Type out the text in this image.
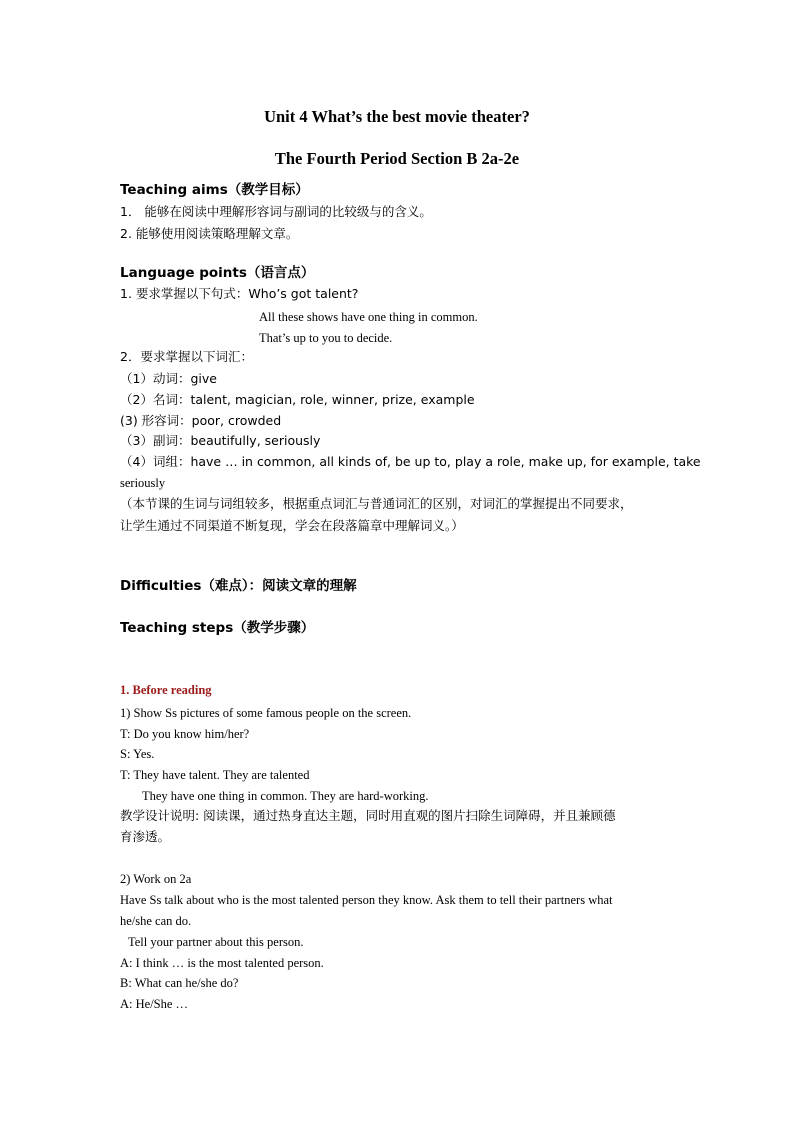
Unit 4 What’s the best movie theater?
The Fourth Period Section B 2a-2e
Teaching aims（教学目标）
1． 能够在阅读中理解形容词与副词的比较级与的含义。
2. 能够使用阅读策略理解文章。
Language points（语言点）
1. 要求掌握以下句式：Who’s got talent?
All these shows have one thing in common.
That’s up to you to decide.
2．要求掌握以下词汇：
（1）动词：give
（2）名词：talent, magician, role, winner, prize, example
(3) 形容词：poor, crowded
（3）副词：beautifully, seriously
（4）词组：have … in common, all kinds of, be up to, play a role, make up, for example, take
seriously
（本节课的生词与词组较多，根据重点词汇与普通词汇的区别，对词汇的掌握提出不同要求，
让学生通过不同渠道不断复现，学会在段落篇章中理解词义。）
Difficulties（难点）：阅读文章的理解
Teaching steps（教学步骤）
1. Before reading
1) Show Ss pictures of some famous people on the screen.
T: Do you know him/her?
S: Yes.
T: They have talent. They are talented
They have one thing in common. They are hard-working.
教学设计说明: 阅读课，通过热身直达主题，同时用直观的图片扫除生词障碍，并且兼顾德
育渗透。
2) Work on 2a
Have Ss talk about who is the most talented person they know. Ask them to tell their partners what
he/she can do.
Tell your partner about this person.
A: I think … is the most talented person.
B: What can he/she do?
A: He/She …
